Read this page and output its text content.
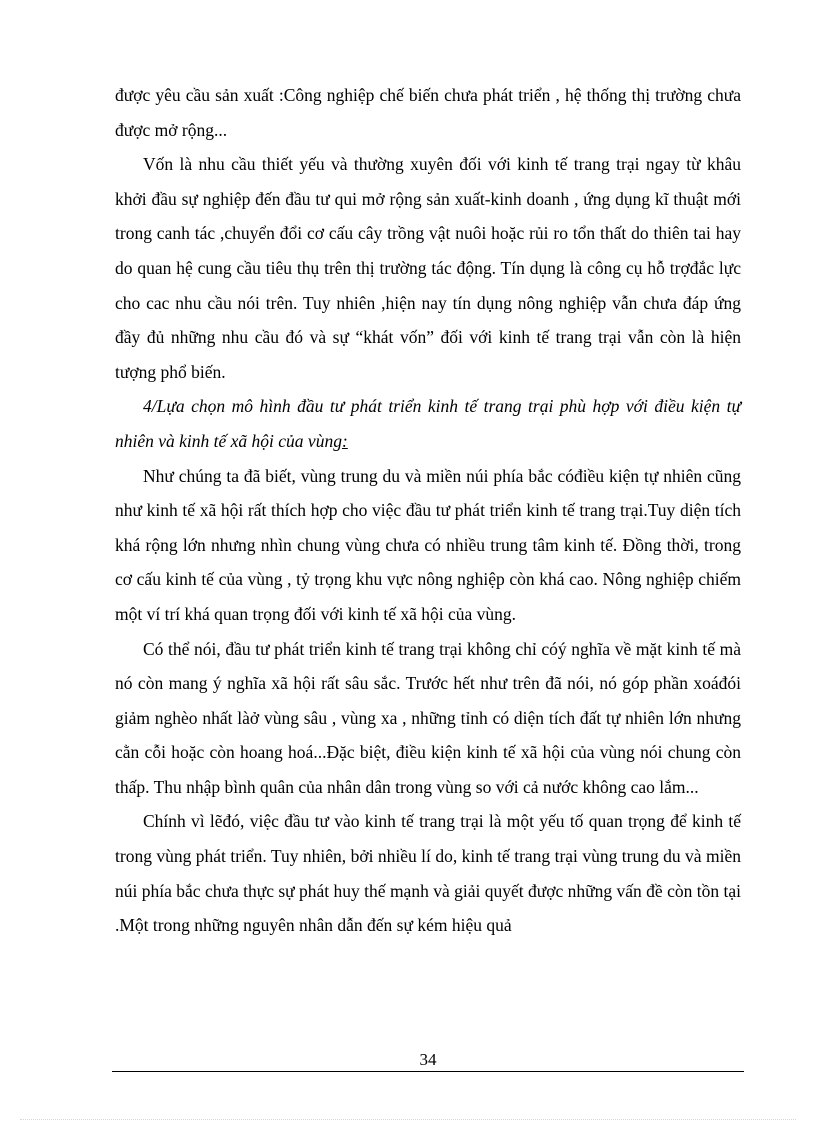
được yêu cầu sản xuất :Công nghiệp chế biến chưa phát triển , hệ thống thị trường chưa được mở rộng...

Vốn là nhu cầu thiết yếu và thường xuyên đối với kinh tế trang trại ngay từ khâu khởi đầu sự nghiệp đến đầu tư qui mở rộng sản xuất-kinh doanh , ứng dụng kĩ thuật mới trong canh tác ,chuyển đổi cơ cấu cây trồng vật nuôi hoặc rủi ro tổn thất do thiên tai hay do quan hệ cung cầu tiêu thụ trên thị trường tác động. Tín dụng là công cụ hỗ trợđắc lực cho cac nhu cầu nói trên. Tuy nhiên ,hiện nay tín dụng nông nghiệp vẫn chưa đáp ứng đầy đủ những nhu cầu đó và sự “khát vốn” đối với kinh tế trang trại vẫn còn là hiện tượng phổ biến.

4/Lựa chọn mô hình đầu tư phát triển kinh tế trang trại phù hợp với điều kiện tự nhiên và kinh tế xã hội của vùng:

Như chúng ta đã biết, vùng trung du và miền núi phía bắc cóđiều kiện tự nhiên cũng như kinh tế xã hội rất thích hợp cho việc đầu tư phát triển kinh tế trang trại.Tuy diện tích khá rộng lớn nhưng nhìn chung vùng chưa có nhiều trung tâm kinh tế. Đồng thời, trong cơ cấu kinh tế của vùng , tỷ trọng khu vực nông nghiệp còn khá cao. Nông nghiệp chiếm một ví trí khá quan trọng đối với kinh tế xã hội của vùng.

Có thể nói, đầu tư phát triển kinh tế trang trại không chỉ cóý nghĩa về mặt kinh tế mà nó còn mang ý nghĩa xã hội rất sâu sắc. Trước hết như trên đã nói, nó góp phần xoáđói giảm nghèo nhất làở vùng sâu , vùng xa , những tỉnh có diện tích đất tự nhiên lớn nhưng cằn cỗi hoặc còn hoang hoá...Đặc biệt, điều kiện kinh tế xã hội của vùng nói chung còn thấp. Thu nhập bình quân của nhân dân trong vùng so với cả nước không cao lắm...

Chính vì lẽđó, việc đầu tư vào kinh tế trang trại là một yếu tố quan trọng để kinh tế trong vùng phát triển. Tuy nhiên, bởi nhiều lí do, kinh tế trang trại vùng trung du và miền núi phía bắc chưa thực sự phát huy thế mạnh và giải quyết được những vấn đề còn tồn tại .Một trong những nguyên nhân dẫn đến sự kém hiệu quả

34
